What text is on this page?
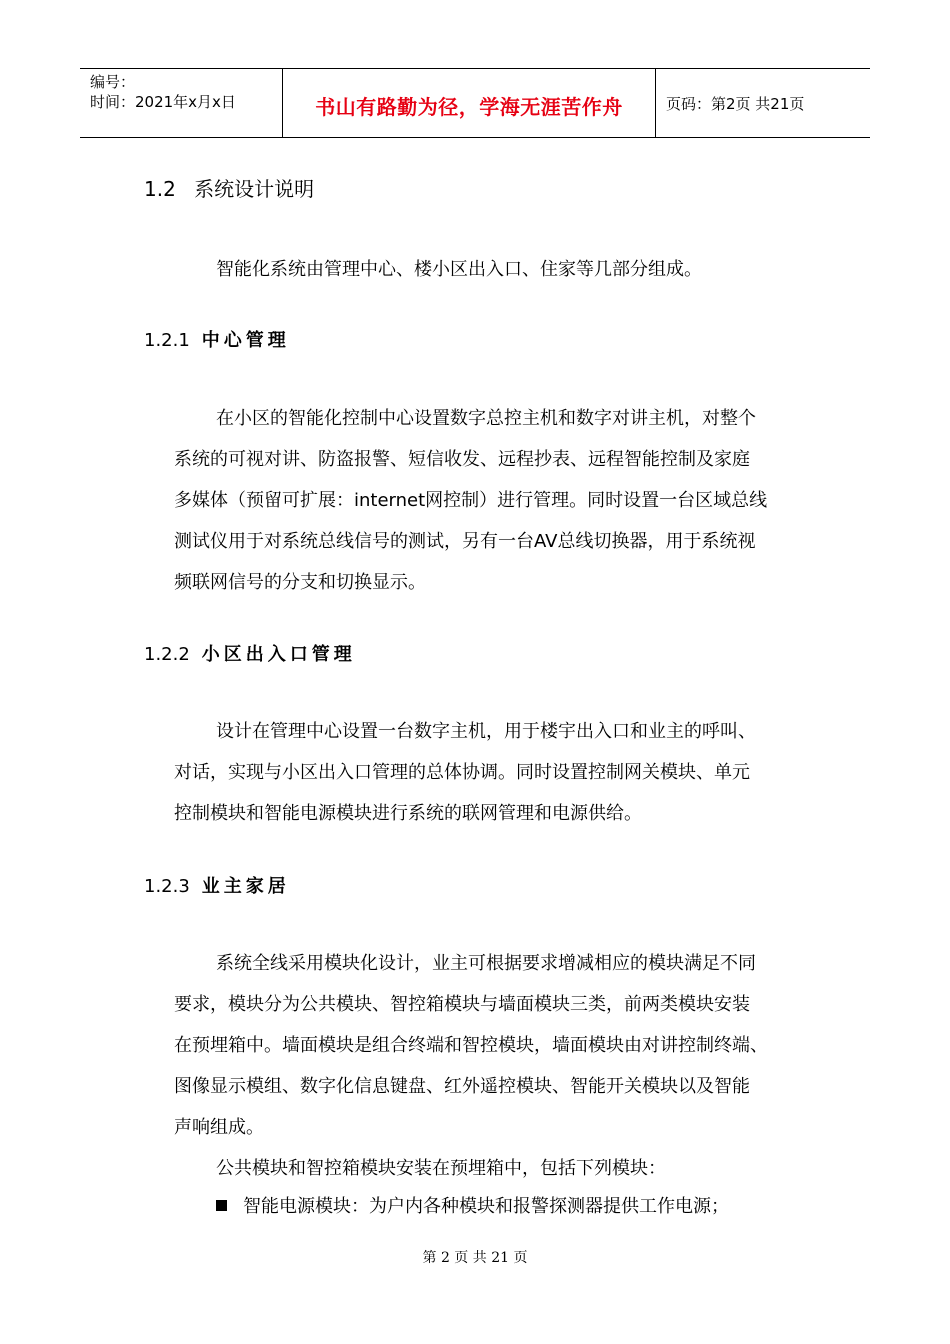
编号：
时间：2021年x月x日	书山有路勤为径，学海无涯苦作舟	页码：第2页 共21页
1.2 系统设计说明
智能化系统由管理中心、楼小区出入口、住家等几部分组成。
1.2.1 中心管理
在小区的智能化控制中心设置数字总控主机和数字对讲主机，对整个
系统的可视对讲、防盗报警、短信收发、远程抄表、远程智能控制及家庭
多媒体（预留可扩展：internet网控制）进行管理。同时设置一台区域总线
测试仪用于对系统总线信号的测试，另有一台AV总线切换器，用于系统视
频联网信号的分支和切换显示。
1.2.2 小区出入口管理
设计在管理中心设置一台数字主机，用于楼宇出入口和业主的呼叫、
对话，实现与小区出入口管理的总体协调。同时设置控制网关模块、单元
控制模块和智能电源模块进行系统的联网管理和电源供给。
1.2.3 业主家居
系统全线采用模块化设计，业主可根据要求增减相应的模块满足不同
要求，模块分为公共模块、智控箱模块与墙面模块三类，前两类模块安装
在预埋箱中。墙面模块是组合终端和智控模块，墙面模块由对讲控制终端、
图像显示模组、数字化信息键盘、红外遥控模块、智能开关模块以及智能
声响组成。
公共模块和智控箱模块安装在预埋箱中，包括下列模块：
智能电源模块：为户内各种模块和报警探测器提供工作电源；
第 2 页 共 21 页
